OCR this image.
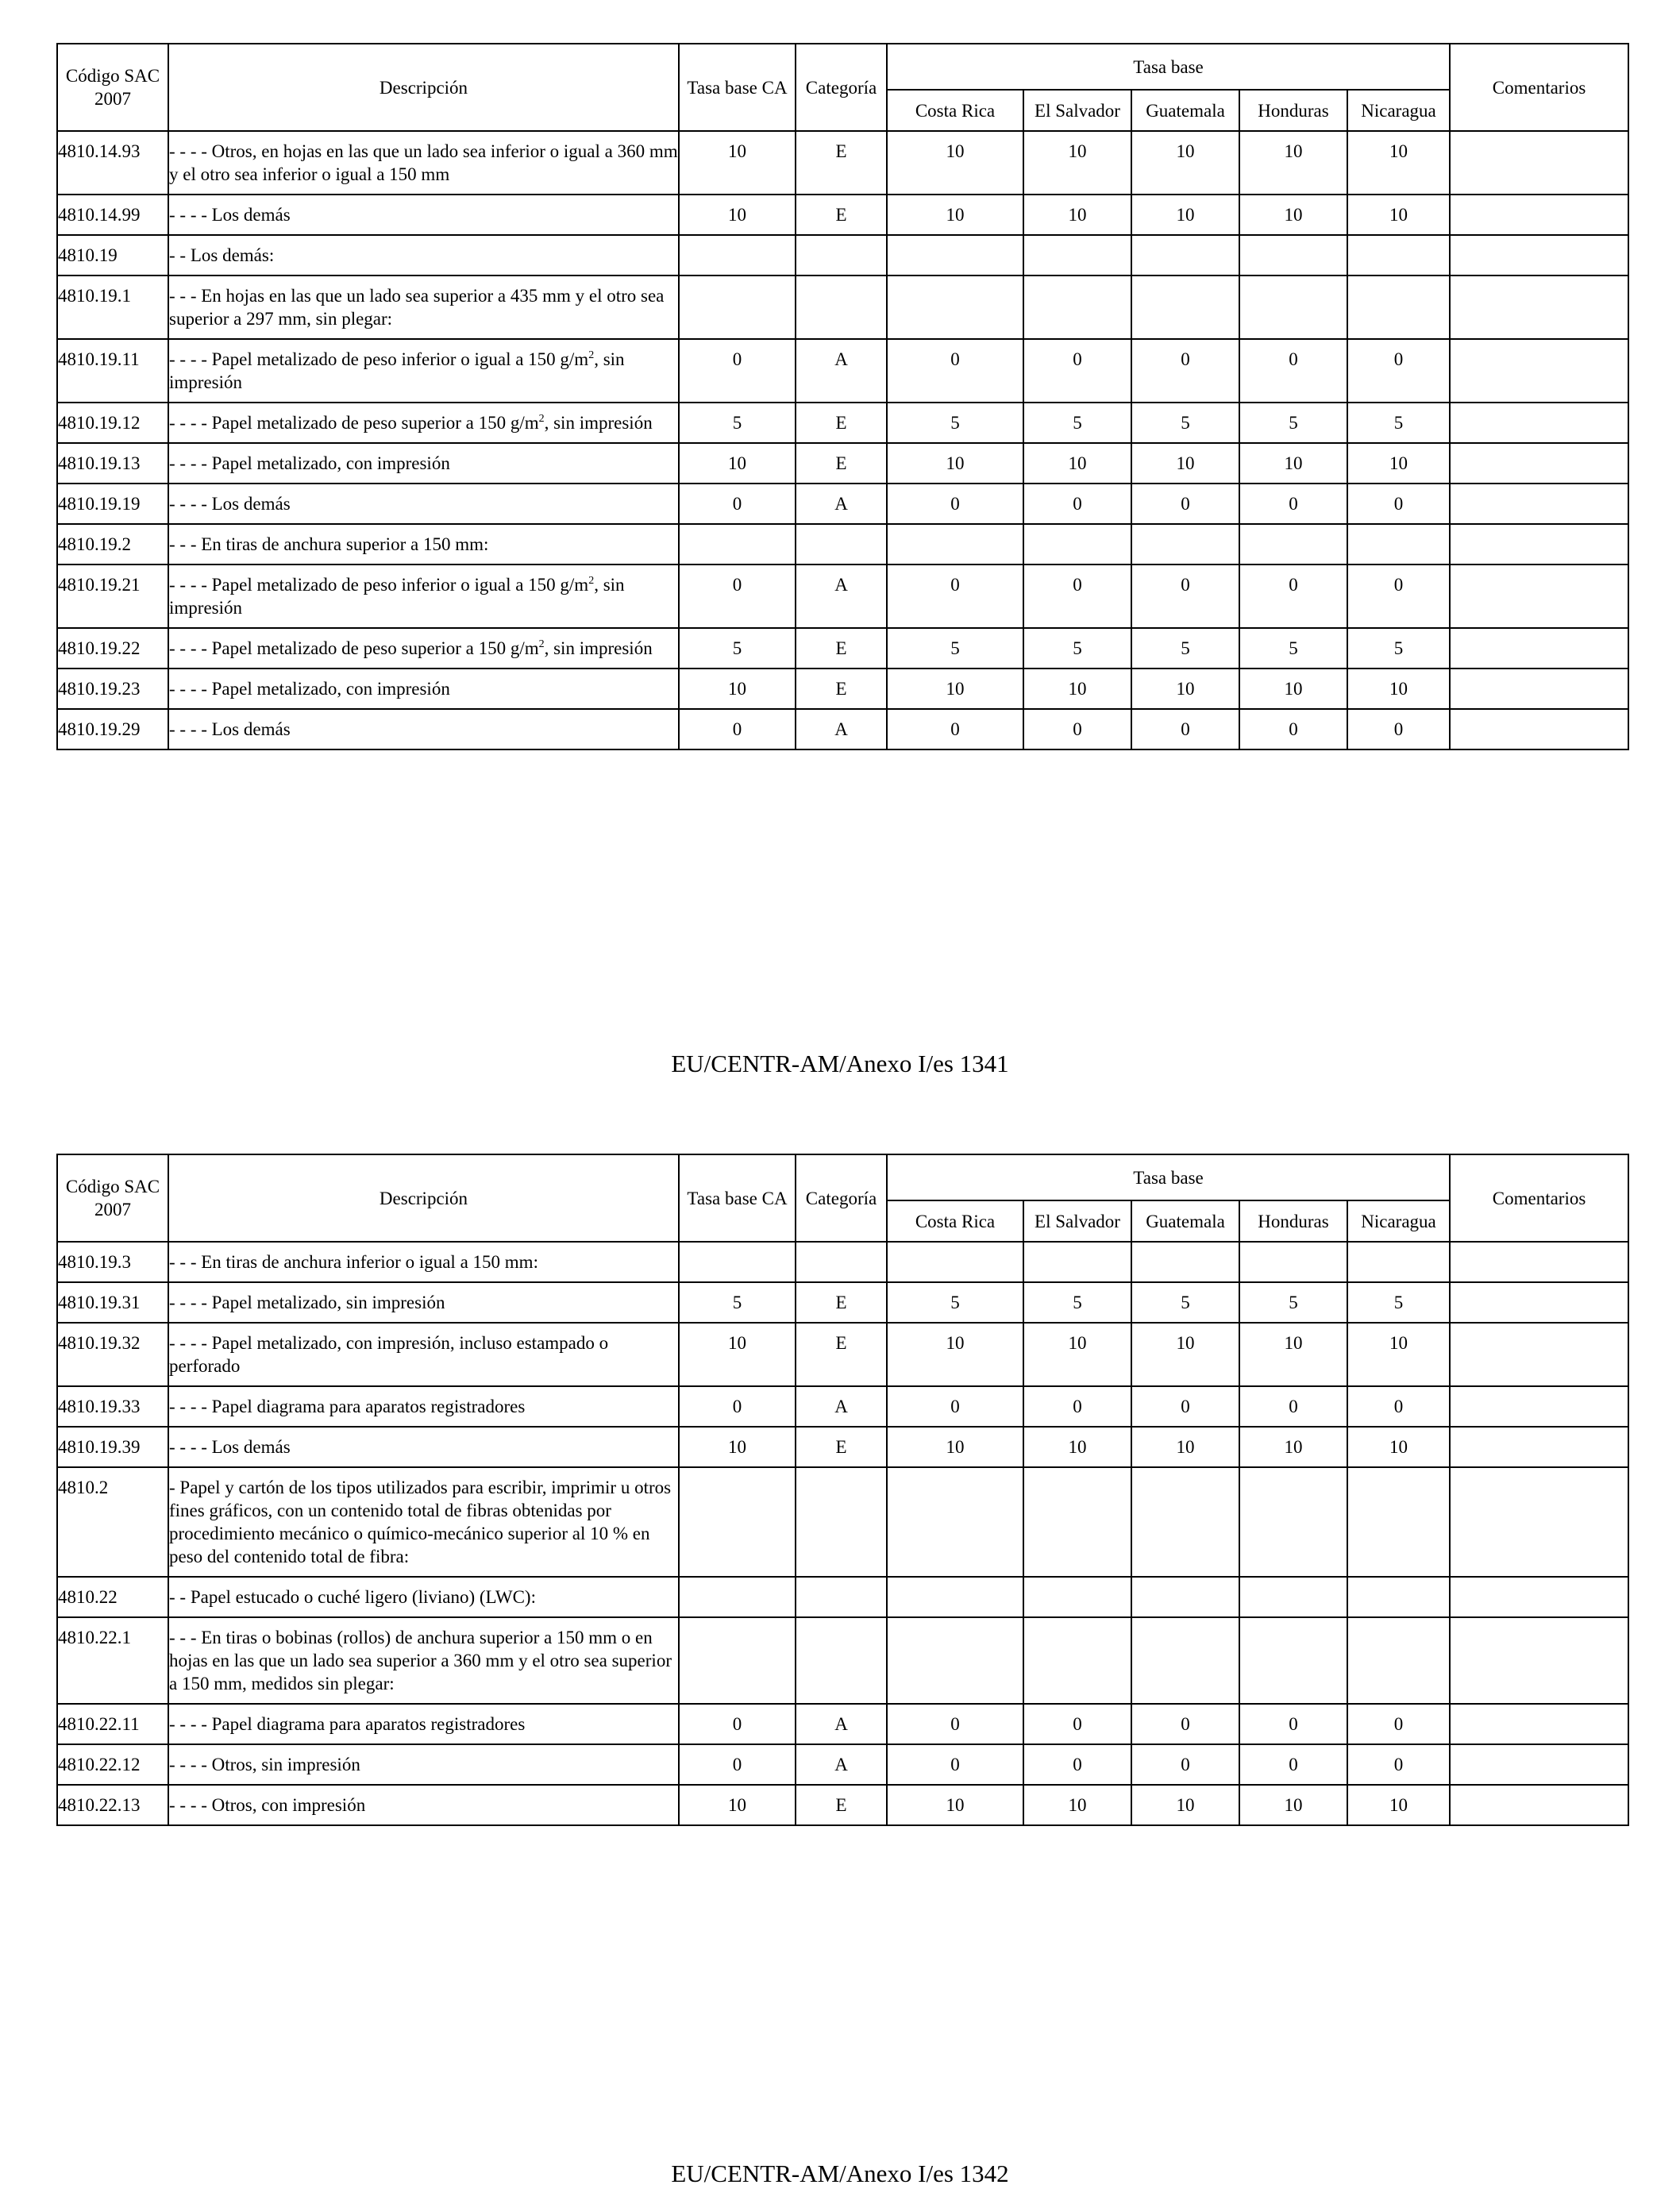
Código SAC 2007	Descripción	Tasa base CA	Categoría	Tasa base					Comentarios
				Costa Rica	El Salvador	Guatemala	Honduras	Nicaragua	
4810.14.93	- - - - Otros, en hojas en las que un lado sea inferior o igual a 360 mm y el otro sea inferior o igual a 150 mm	10	E	10	10	10	10	10	
4810.14.99	- - - - Los demás	10	E	10	10	10	10	10	
4810.19	- - Los demás:								
4810.19.1	- - - En hojas en las que un lado sea superior a 435 mm y el otro sea superior a 297 mm, sin plegar:								
4810.19.11	- - - - Papel metalizado de peso inferior o igual a 150 $g/m^2$, sin impresión	0	A	0	0	0	0	0	
4810.19.12	- - - - Papel metalizado de peso superior a 150 $g/m^2$, sin impresión	5	E	5	5	5	5	5	
4810.19.13	- - - - Papel metalizado, con impresión	10	E	10	10	10	10	10	
4810.19.19	- - - - Los demás	0	A	0	0	0	0	0	
4810.19.2	- - - En tiras de anchura superior a 150 mm:								
4810.19.21	- - - - Papel metalizado de peso inferior o igual a 150 $g/m^2$, sin impresión	0	A	0	0	0	0	0	
4810.19.22	- - - - Papel metalizado de peso superior a 150 $g/m^2$, sin impresión	5	E	5	5	5	5	5	
4810.19.23	- - - - Papel metalizado, con impresión	10	E	10	10	10	10	10	
4810.19.29	- - - - Los demás	0	A	0	0	0	0	0	
EU/CENTR-AM/Anexo I/es 1341
Código SAC 2007	Descripción	Tasa base CA	Categoría	Tasa base					Comentarios
				Costa Rica	El Salvador	Guatemala	Honduras	Nicaragua	
4810.19.3	- - - En tiras de anchura inferior o igual a 150 mm:								
4810.19.31	- - - - Papel metalizado, sin impresión	5	E	5	5	5	5	5	
4810.19.32	- - - - Papel metalizado, con impresión, incluso estampado o perforado	10	E	10	10	10	10	10	
4810.19.33	- - - - Papel diagrama para aparatos registradores	0	A	0	0	0	0	0	
4810.19.39	- - - - Los demás	10	E	10	10	10	10	10	
4810.2	- Papel y cartón de los tipos utilizados para escribir, imprimir u otros fines gráficos, con un contenido total de fibras obtenidas por procedimiento mecánico o químico-mecánico superior al 10 % en peso del contenido total de fibra:								
4810.22	- - Papel estucado o cuché ligero (liviano) (LWC):								
4810.22.1	- - - En tiras o bobinas (rollos) de anchura superior a 150 mm o en hojas en las que un lado sea superior a 360 mm y el otro sea superior a 150 mm, medidos sin plegar:								
4810.22.11	- - - - Papel diagrama para aparatos registradores	0	A	0	0	0	0	0	
4810.22.12	- - - - Otros, sin impresión	0	A	0	0	0	0	0	
4810.22.13	- - - - Otros, con impresión	10	E	10	10	10	10	10	
EU/CENTR-AM/Anexo I/es 1342
